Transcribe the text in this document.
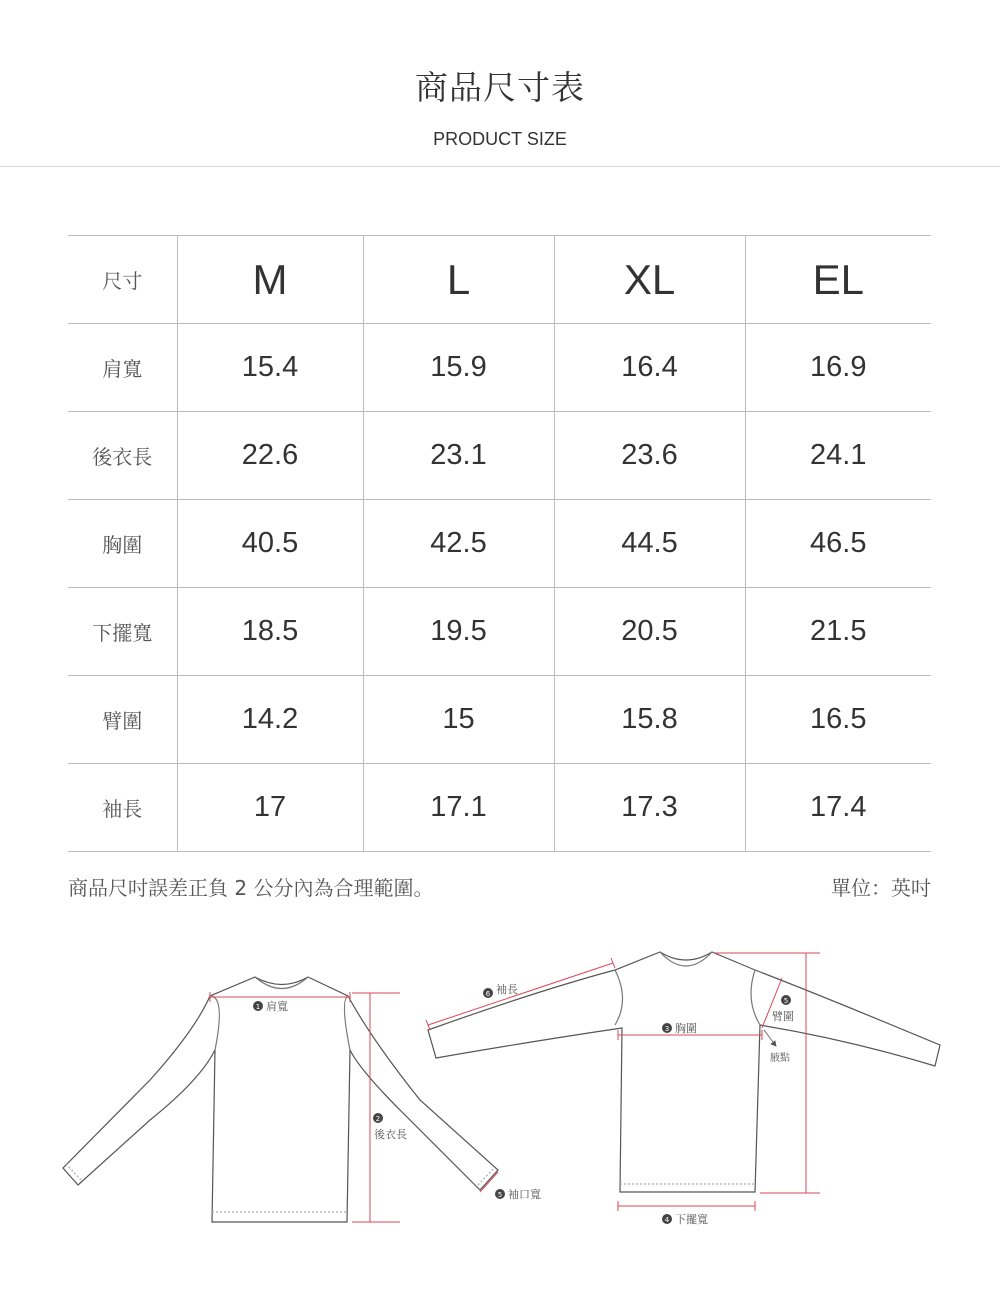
商品尺寸表
PRODUCT SIZE
尺寸	M	L	XL	EL
肩寬	15.4	15.9	16.4	16.9
後衣長	22.6	23.1	23.6	24.1
胸圍	40.5	42.5	44.5	46.5
下擺寬	18.5	19.5	20.5	21.5
臂圍	14.2	15	15.8	16.5
袖長	17	17.1	17.3	17.4
商品尺吋誤差正負 2 公分內為合理範圍。	單位：英吋
1 肩寬
2
後衣長
5 袖口寬
6 袖長
3 胸圍
4 下擺寬
5
臂圍
腋點
